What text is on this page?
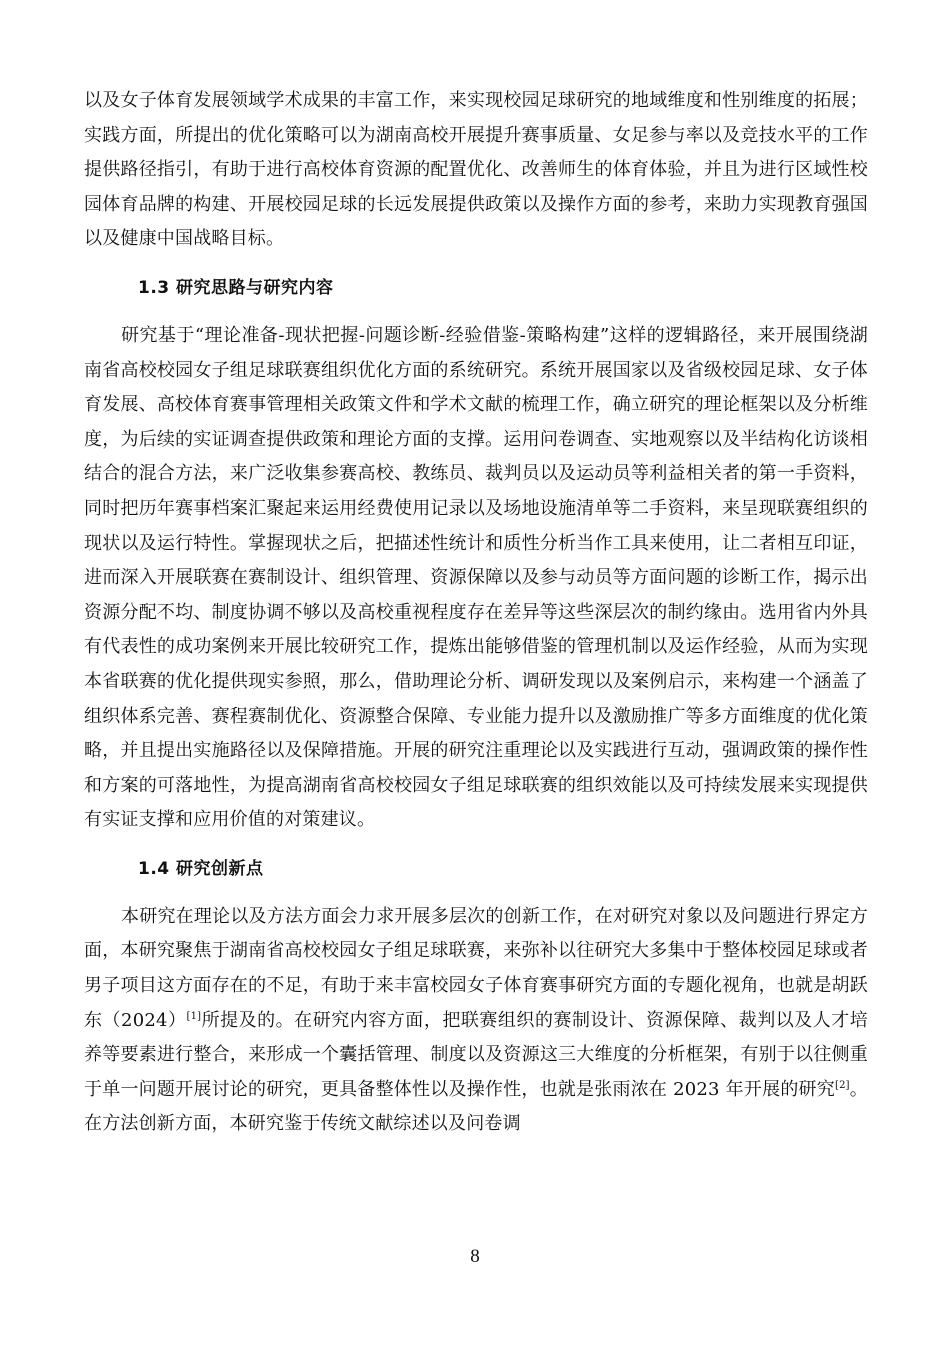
以及女子体育发展领域学术成果的丰富工作，来实现校园足球研究的地域维度和性别维度的拓展；实践方面，所提出的优化策略可以为湖南高校开展提升赛事质量、女足参与率以及竞技水平的工作提供路径指引，有助于进行高校体育资源的配置优化、改善师生的体育体验，并且为进行区域性校园体育品牌的构建、开展校园足球的长远发展提供政策以及操作方面的参考，来助力实现教育强国以及健康中国战略目标。

1.3 研究思路与研究内容

研究基于“理论准备-现状把握-问题诊断-经验借鉴-策略构建”这样的逻辑路径，来开展围绕湖南省高校校园女子组足球联赛组织优化方面的系统研究。系统开展国家以及省级校园足球、女子体育发展、高校体育赛事管理相关政策文件和学术文献的梳理工作，确立研究的理论框架以及分析维度，为后续的实证调查提供政策和理论方面的支撑。运用问卷调查、实地观察以及半结构化访谈相结合的混合方法，来广泛收集参赛高校、教练员、裁判员以及运动员等利益相关者的第一手资料，同时把历年赛事档案汇聚起来运用经费使用记录以及场地设施清单等二手资料，来呈现联赛组织的现状以及运行特性。掌握现状之后，把描述性统计和质性分析当作工具来使用，让二者相互印证，进而深入开展联赛在赛制设计、组织管理、资源保障以及参与动员等方面问题的诊断工作，揭示出资源分配不均、制度协调不够以及高校重视程度存在差异等这些深层次的制约缘由。选用省内外具有代表性的成功案例来开展比较研究工作，提炼出能够借鉴的管理机制以及运作经验，从而为实现本省联赛的优化提供现实参照，那么，借助理论分析、调研发现以及案例启示，来构建一个涵盖了组织体系完善、赛程赛制优化、资源整合保障、专业能力提升以及激励推广等多方面维度的优化策略，并且提出实施路径以及保障措施。开展的研究注重理论以及实践进行互动，强调政策的操作性和方案的可落地性，为提高湖南省高校校园女子组足球联赛的组织效能以及可持续发展来实现提供有实证支撑和应用价值的对策建议。

1.4 研究创新点

本研究在理论以及方法方面会力求开展多层次的创新工作，在对研究对象以及问题进行界定方面，本研究聚焦于湖南省高校校园女子组足球联赛，来弥补以往研究大多集中于整体校园足球或者男子项目这方面存在的不足，有助于来丰富校园女子体育赛事研究方面的专题化视角，也就是胡跃东（2024）[1]所提及的。在研究内容方面，把联赛组织的赛制设计、资源保障、裁判以及人才培养等要素进行整合，来形成一个囊括管理、制度以及资源这三大维度的分析框架，有别于以往侧重于单一问题开展讨论的研究，更具备整体性以及操作性，也就是张雨浓在 2023 年开展的研究[2]。在方法创新方面，本研究鉴于传统文献综述以及问卷调

8
